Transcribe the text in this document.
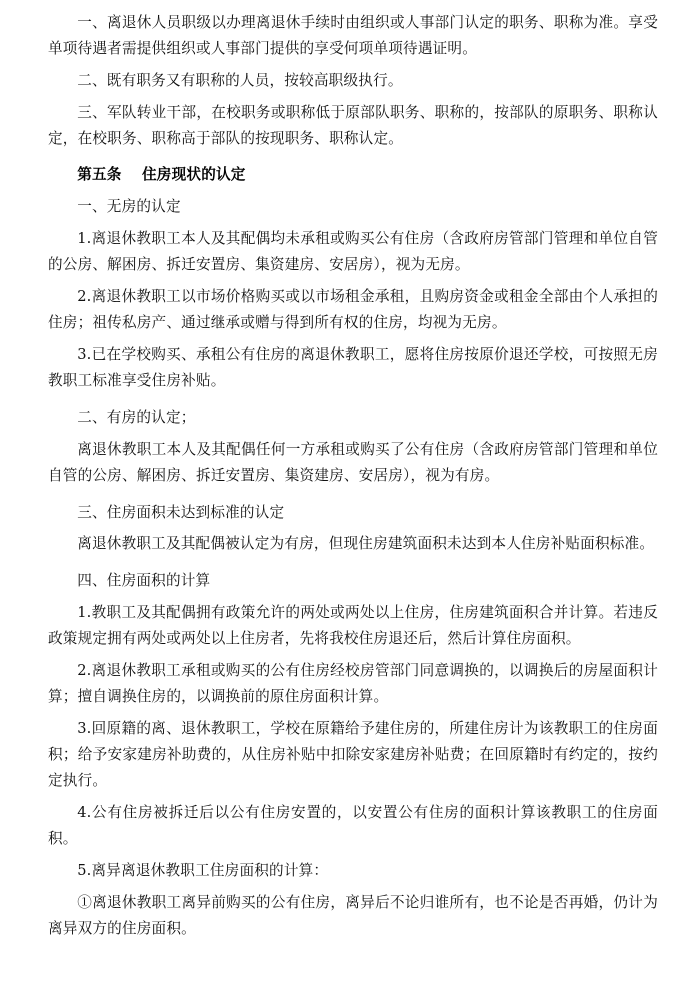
一、离退休人员职级以办理离退休手续时由组织或人事部门认定的职务、职称为准。享受单项待遇者需提供组织或人事部门提供的享受何项单项待遇证明。

二、既有职务又有职称的人员，按较高职级执行。

三、军队转业干部，在校职务或职称低于原部队职务、职称的，按部队的原职务、职称认定，在校职务、职称高于部队的按现职务、职称认定。

第五条 住房现状的认定

一、无房的认定

1.离退休教职工本人及其配偶均未承租或购买公有住房（含政府房管部门管理和单位自管的公房、解困房、拆迁安置房、集资建房、安居房），视为无房。

2.离退休教职工以市场价格购买或以市场租金承租，且购房资金或租金全部由个人承担的住房；祖传私房产、通过继承或赠与得到所有权的住房，均视为无房。

3.已在学校购买、承租公有住房的离退休教职工，愿将住房按原价退还学校，可按照无房教职工标准享受住房补贴。

二、有房的认定；

离退休教职工本人及其配偶任何一方承租或购买了公有住房（含政府房管部门管理和单位自管的公房、解困房、拆迁安置房、集资建房、安居房），视为有房。

三、住房面积未达到标准的认定

离退休教职工及其配偶被认定为有房，但现住房建筑面积未达到本人住房补贴面积标准。

四、住房面积的计算

1.教职工及其配偶拥有政策允许的两处或两处以上住房，住房建筑面积合并计算。若违反政策规定拥有两处或两处以上住房者，先将我校住房退还后，然后计算住房面积。

2.离退休教职工承租或购买的公有住房经校房管部门同意调换的，以调换后的房屋面积计算；擅自调换住房的，以调换前的原住房面积计算。

3.回原籍的离、退休教职工，学校在原籍给予建住房的，所建住房计为该教职工的住房面积；给予安家建房补助费的，从住房补贴中扣除安家建房补贴费；在回原籍时有约定的，按约定执行。

4.公有住房被拆迁后以公有住房安置的，以安置公有住房的面积计算该教职工的住房面积。

5.离异离退休教职工住房面积的计算：

①离退休教职工离异前购买的公有住房，离异后不论归谁所有，也不论是否再婚，仍计为离异双方的住房面积。
